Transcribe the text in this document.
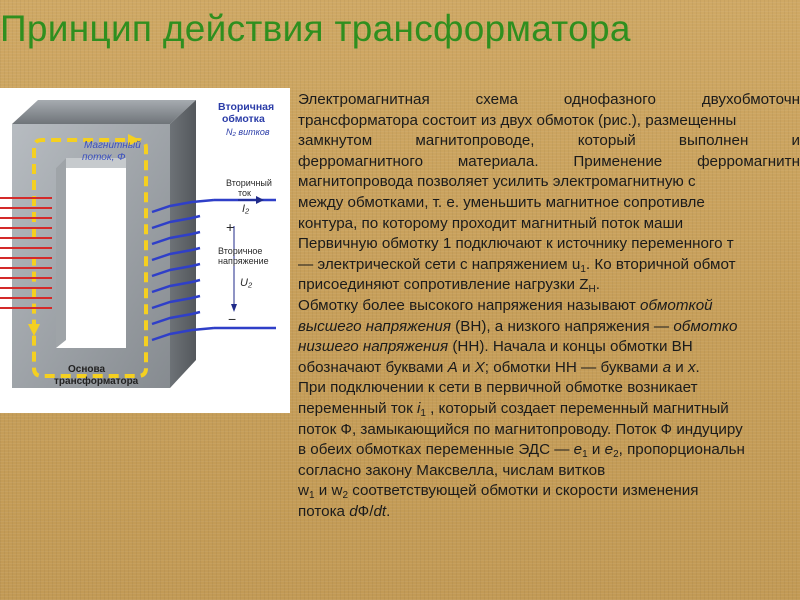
Принцип действия трансформатора
Вторичная
обмотка
N₂ витков
Магнитный
поток, Φ
Вторичный
ток
Вторичное
напряжение
I₂
+
U₂
−
Основа
трансформатора
Электромагнитная	схема	однофазного	двухобмоточн
трансформатора состоит из двух обмоток (рис.), размещенны
замкнутом	магнитопроводе,	который	выполнен	и
ферромагнитного материала. Применение ферромагнитн
магнитопровода позволяет усилить электромагнитную с
между обмотками, т. е. уменьшить магнитное сопротивле
контура, по которому проходит магнитный поток маши
Первичную обмотку 1 подключают к источнику переменного т
— электрической сети с напряжением $u_1$. Ко вторичной обмот
присоединяют сопротивление нагрузки $Z_Н$.
Обмотку более высокого напряжения называют обмоткой
высшего напряжения (ВН), а низкого напряжения — обмотко
низшего напряжения (НН). Начала и концы обмотки ВН
обозначают буквами А и Х; обмотки НН — буквами а и х.
При подключении к сети в первичной обмотке возникает
переменный ток $i_1$ , который создает переменный магнитный
поток Ф, замыкающийся по магнитопроводу. Поток Ф индуциру
в обеих обмотках переменные ЭДС — $е_1$ и $е_2$, пропорциональн
согласно закону Максвелла, числам витков
$w_1$ и $w_2$ соответствующей обмотки и скорости изменения
потока dФ/dt.
